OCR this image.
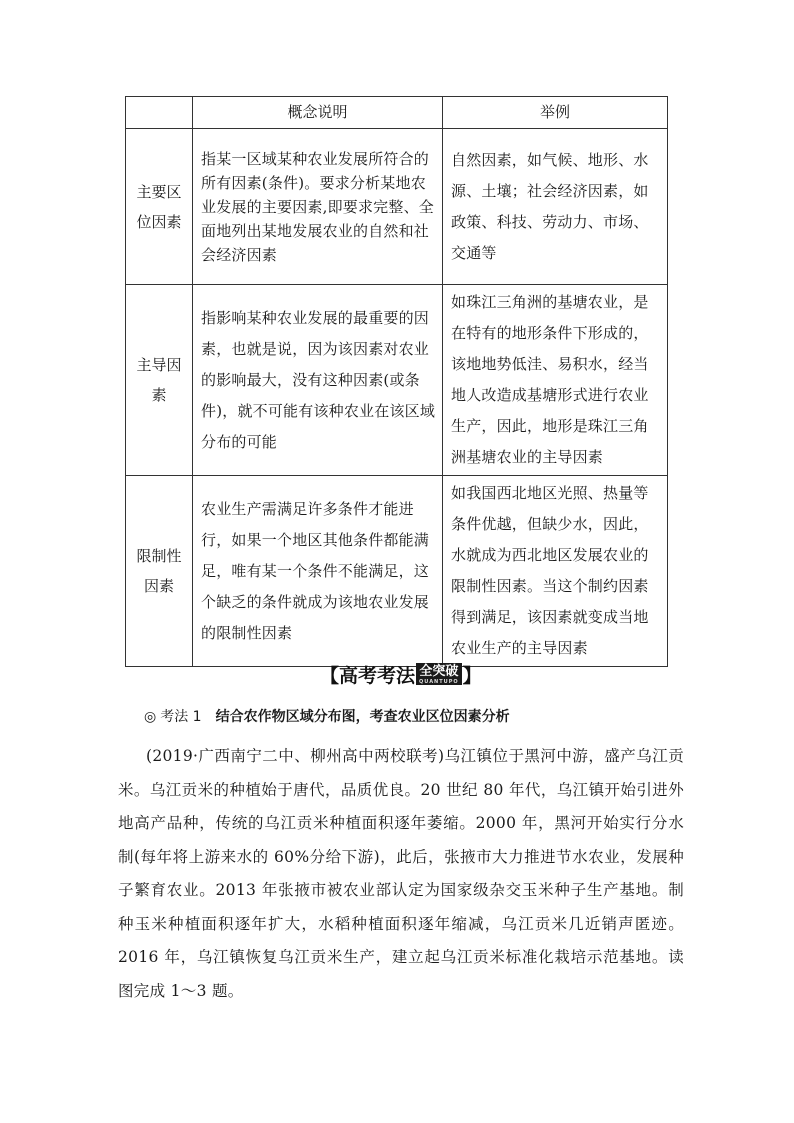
	概念说明	举例

主要区
位因素	指某一区域某种农业发展所符合的所有因素(条件)。要求分析某地农业发展的主要因素,即要求完整、全面地列出某地发展农业的自然和社会经济因素	自然因素，如气候、地形、水源、土壤；社会经济因素，如政策、科技、劳动力、市场、交通等

主导因
素	指影响某种农业发展的最重要的因素，也就是说，因为该因素对农业的影响最大，没有这种因素(或条件)，就不可能有该种农业在该区域分布的可能	如珠江三角洲的基塘农业，是在特有的地形条件下形成的，该地地势低洼、易积水，经当地人改造成基塘形式进行农业生产，因此，地形是珠江三角洲基塘农业的主导因素

限制性
因素	农业生产需满足许多条件才能进行，如果一个地区其他条件都能满足，唯有某一个条件不能满足，这个缺乏的条件就成为该地农业发展的限制性因素	如我国西北地区光照、热量等条件优越，但缺少水，因此，水就成为西北地区发展农业的限制性因素。当这个制约因素得到满足，该因素就变成当地农业生产的主导因素
【 高考考法 全突破
QUANTUPO 】
◎ 考法 1 结合农作物区域分布图，考查农业区位因素分析
(2019·广西南宁二中、柳州高中两校联考)乌江镇位于黑河中游，盛产乌江贡米。乌江贡米的种植始于唐代，品质优良。20 世纪 80 年代，乌江镇开始引进外地高产品种，传统的乌江贡米种植面积逐年萎缩。2000 年，黑河开始实行分水制(每年将上游来水的 60%分给下游)，此后，张掖市大力推进节水农业，发展种子繁育农业。2013 年张掖市被农业部认定为国家级杂交玉米种子生产基地。制种玉米种植面积逐年扩大，水稻种植面积逐年缩减，乌江贡米几近销声匿迹。2016 年，乌江镇恢复乌江贡米生产，建立起乌江贡米标准化栽培示范基地。读图完成 1～3 题。
